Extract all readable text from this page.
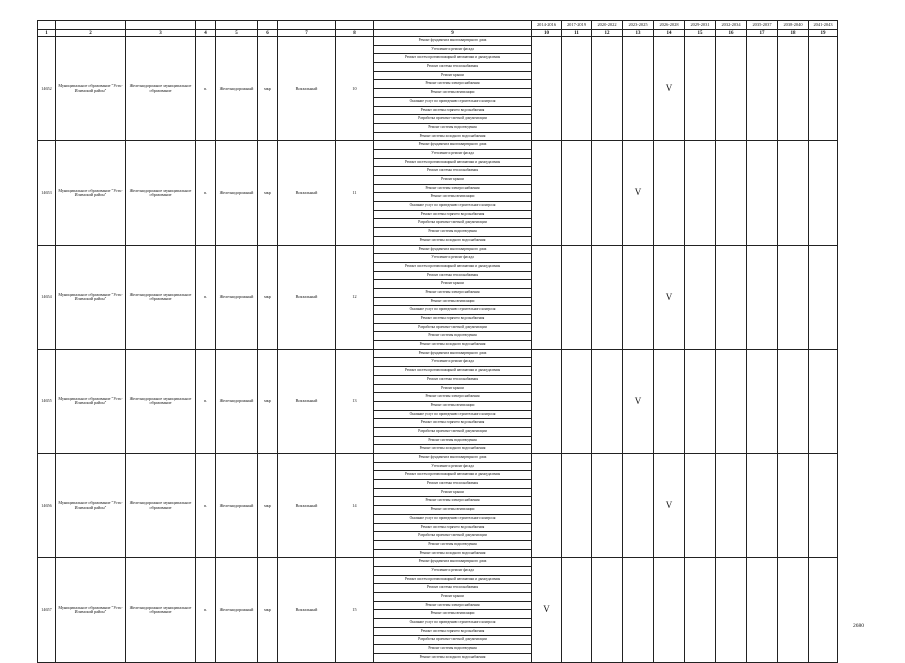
									2014-2016	2017-2019	2020-2022	2023-2025	2026-2028	2029-2031	2032-2034	2035-2037	2038-2040	2041-2043
1	2	3	4	5	6	7	8	9	10	11	12	13	14	15	16	17	18	19
14652	Муниципальное образование "Усть-Илимский район"	Железнодорожное муниципальное образование	п.	Железнодорожный	мкр	Вокзальный	10	Ремонт фундамента многоквартирного дома					V					
								Утепление и ремонт фасада										
								Ремонт систем противопожарной автоматики и дымоудаления										
								Ремонт системы теплоснабжения										
								Ремонт крыши										
								Ремонт системы электроснабжения										
								Ремонт системы вентиляции										
								Оказание услуг по проведению строительного контроля										
								Ремонт системы горячего водоснабжения										
								Разработка проектно-сметной документации										
								Ремонт системы водоотведения										
								Ремонт системы холодного водоснабжения										
14653	Муниципальное образование "Усть-Илимский район"	Железнодорожное муниципальное образование	п.	Железнодорожный	мкр	Вокзальный	11	Ремонт фундамента многоквартирного дома				V						
								Утепление и ремонт фасада										
								Ремонт систем противопожарной автоматики и дымоудаления										
								Ремонт системы теплоснабжения										
								Ремонт крыши										
								Ремонт системы электроснабжения										
								Ремонт системы вентиляции										
								Оказание услуг по проведению строительного контроля										
								Ремонт системы горячего водоснабжения										
								Разработка проектно-сметной документации										
								Ремонт системы водоотведения										
								Ремонт системы холодного водоснабжения										
14654	Муниципальное образование "Усть-Илимский район"	Железнодорожное муниципальное образование	п.	Железнодорожный	мкр	Вокзальный	12	Ремонт фундамента многоквартирного дома					V					
								Утепление и ремонт фасада										
								Ремонт систем противопожарной автоматики и дымоудаления										
								Ремонт системы теплоснабжения										
								Ремонт крыши										
								Ремонт системы электроснабжения										
								Ремонт системы вентиляции										
								Оказание услуг по проведению строительного контроля										
								Ремонт системы горячего водоснабжения										
								Разработка проектно-сметной документации										
								Ремонт системы водоотведения										
								Ремонт системы холодного водоснабжения										
14655	Муниципальное образование "Усть-Илимский район"	Железнодорожное муниципальное образование	п.	Железнодорожный	мкр	Вокзальный	13	Ремонт фундамента многоквартирного дома				V						
								Утепление и ремонт фасада										
								Ремонт систем противопожарной автоматики и дымоудаления										
								Ремонт системы теплоснабжения										
								Ремонт крыши										
								Ремонт системы электроснабжения										
								Ремонт системы вентиляции										
								Оказание услуг по проведению строительного контроля										
								Ремонт системы горячего водоснабжения										
								Разработка проектно-сметной документации										
								Ремонт системы водоотведения										
								Ремонт системы холодного водоснабжения										
14656	Муниципальное образование "Усть-Илимский район"	Железнодорожное муниципальное образование	п.	Железнодорожный	мкр	Вокзальный	14	Ремонт фундамента многоквартирного дома					V					
								Утепление и ремонт фасада										
								Ремонт систем противопожарной автоматики и дымоудаления										
								Ремонт системы теплоснабжения										
								Ремонт крыши										
								Ремонт системы электроснабжения										
								Ремонт системы вентиляции										
								Оказание услуг по проведению строительного контроля										
								Ремонт системы горячего водоснабжения										
								Разработка проектно-сметной документации										
								Ремонт системы водоотведения										
								Ремонт системы холодного водоснабжения										
14657	Муниципальное образование "Усть-Илимский район"	Железнодорожное муниципальное образование	п.	Железнодорожный	мкр	Вокзальный	15	Ремонт фундамента многоквартирного дома	V									
								Утепление и ремонт фасада										
								Ремонт систем противопожарной автоматики и дымоудаления										
								Ремонт системы теплоснабжения										
								Ремонт крыши										
								Ремонт системы электроснабжения										
								Ремонт системы вентиляции										
								Оказание услуг по проведению строительного контроля										
								Ремонт системы горячего водоснабжения										
								Разработка проектно-сметной документации										
								Ремонт системы водоотведения										
								Ремонт системы холодного водоснабжения										
2680
